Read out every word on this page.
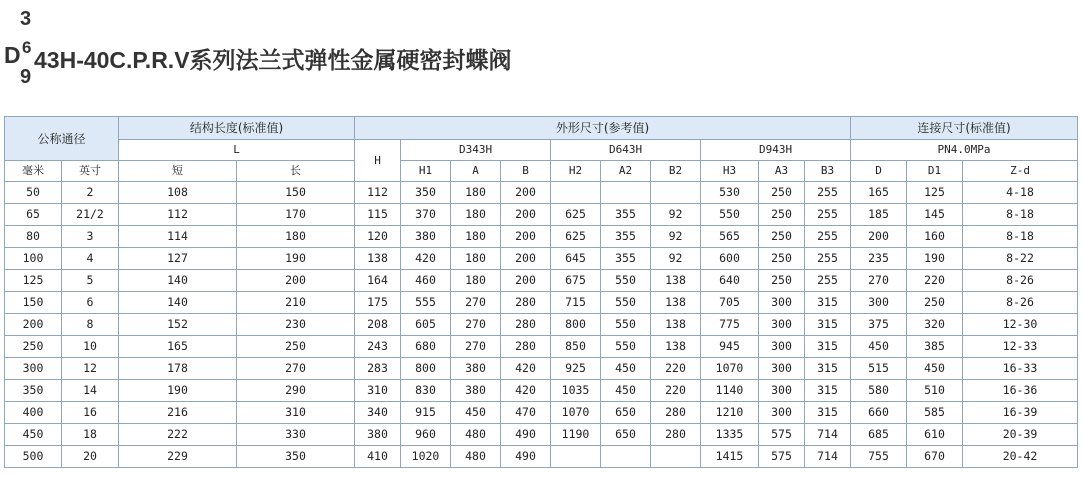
3
D 6 43H-40C.P.R.V系列法兰式弹性金属硬密封蝶阀
9
公称通径		结构长度(标准值)		外形尺寸(参考值)										连接尺寸(标准值)		
		L		H	D343H			D643H			D943H			PN4.0MPa		
毫米	英寸	短	长		H1	A	B	H2	A2	B2	H3	A3	B3	D	D1	Z-d
50	2	108	150	112	350	180	200				530	250	255	165	125	4-18
65	21/2	112	170	115	370	180	200	625	355	92	550	250	255	185	145	8-18
80	3	114	180	120	380	180	200	625	355	92	565	250	255	200	160	8-18
100	4	127	190	138	420	180	200	645	355	92	600	250	255	235	190	8-22
125	5	140	200	164	460	180	200	675	550	138	640	250	255	270	220	8-26
150	6	140	210	175	555	270	280	715	550	138	705	300	315	300	250	8-26
200	8	152	230	208	605	270	280	800	550	138	775	300	315	375	320	12-30
250	10	165	250	243	680	270	280	850	550	138	945	300	315	450	385	12-33
300	12	178	270	283	800	380	420	925	450	220	1070	300	315	515	450	16-33
350	14	190	290	310	830	380	420	1035	450	220	1140	300	315	580	510	16-36
400	16	216	310	340	915	450	470	1070	650	280	1210	300	315	660	585	16-39
450	18	222	330	380	960	480	490	1190	650	280	1335	575	714	685	610	20-39
500	20	229	350	410	1020	480	490				1415	575	714	755	670	20-42
